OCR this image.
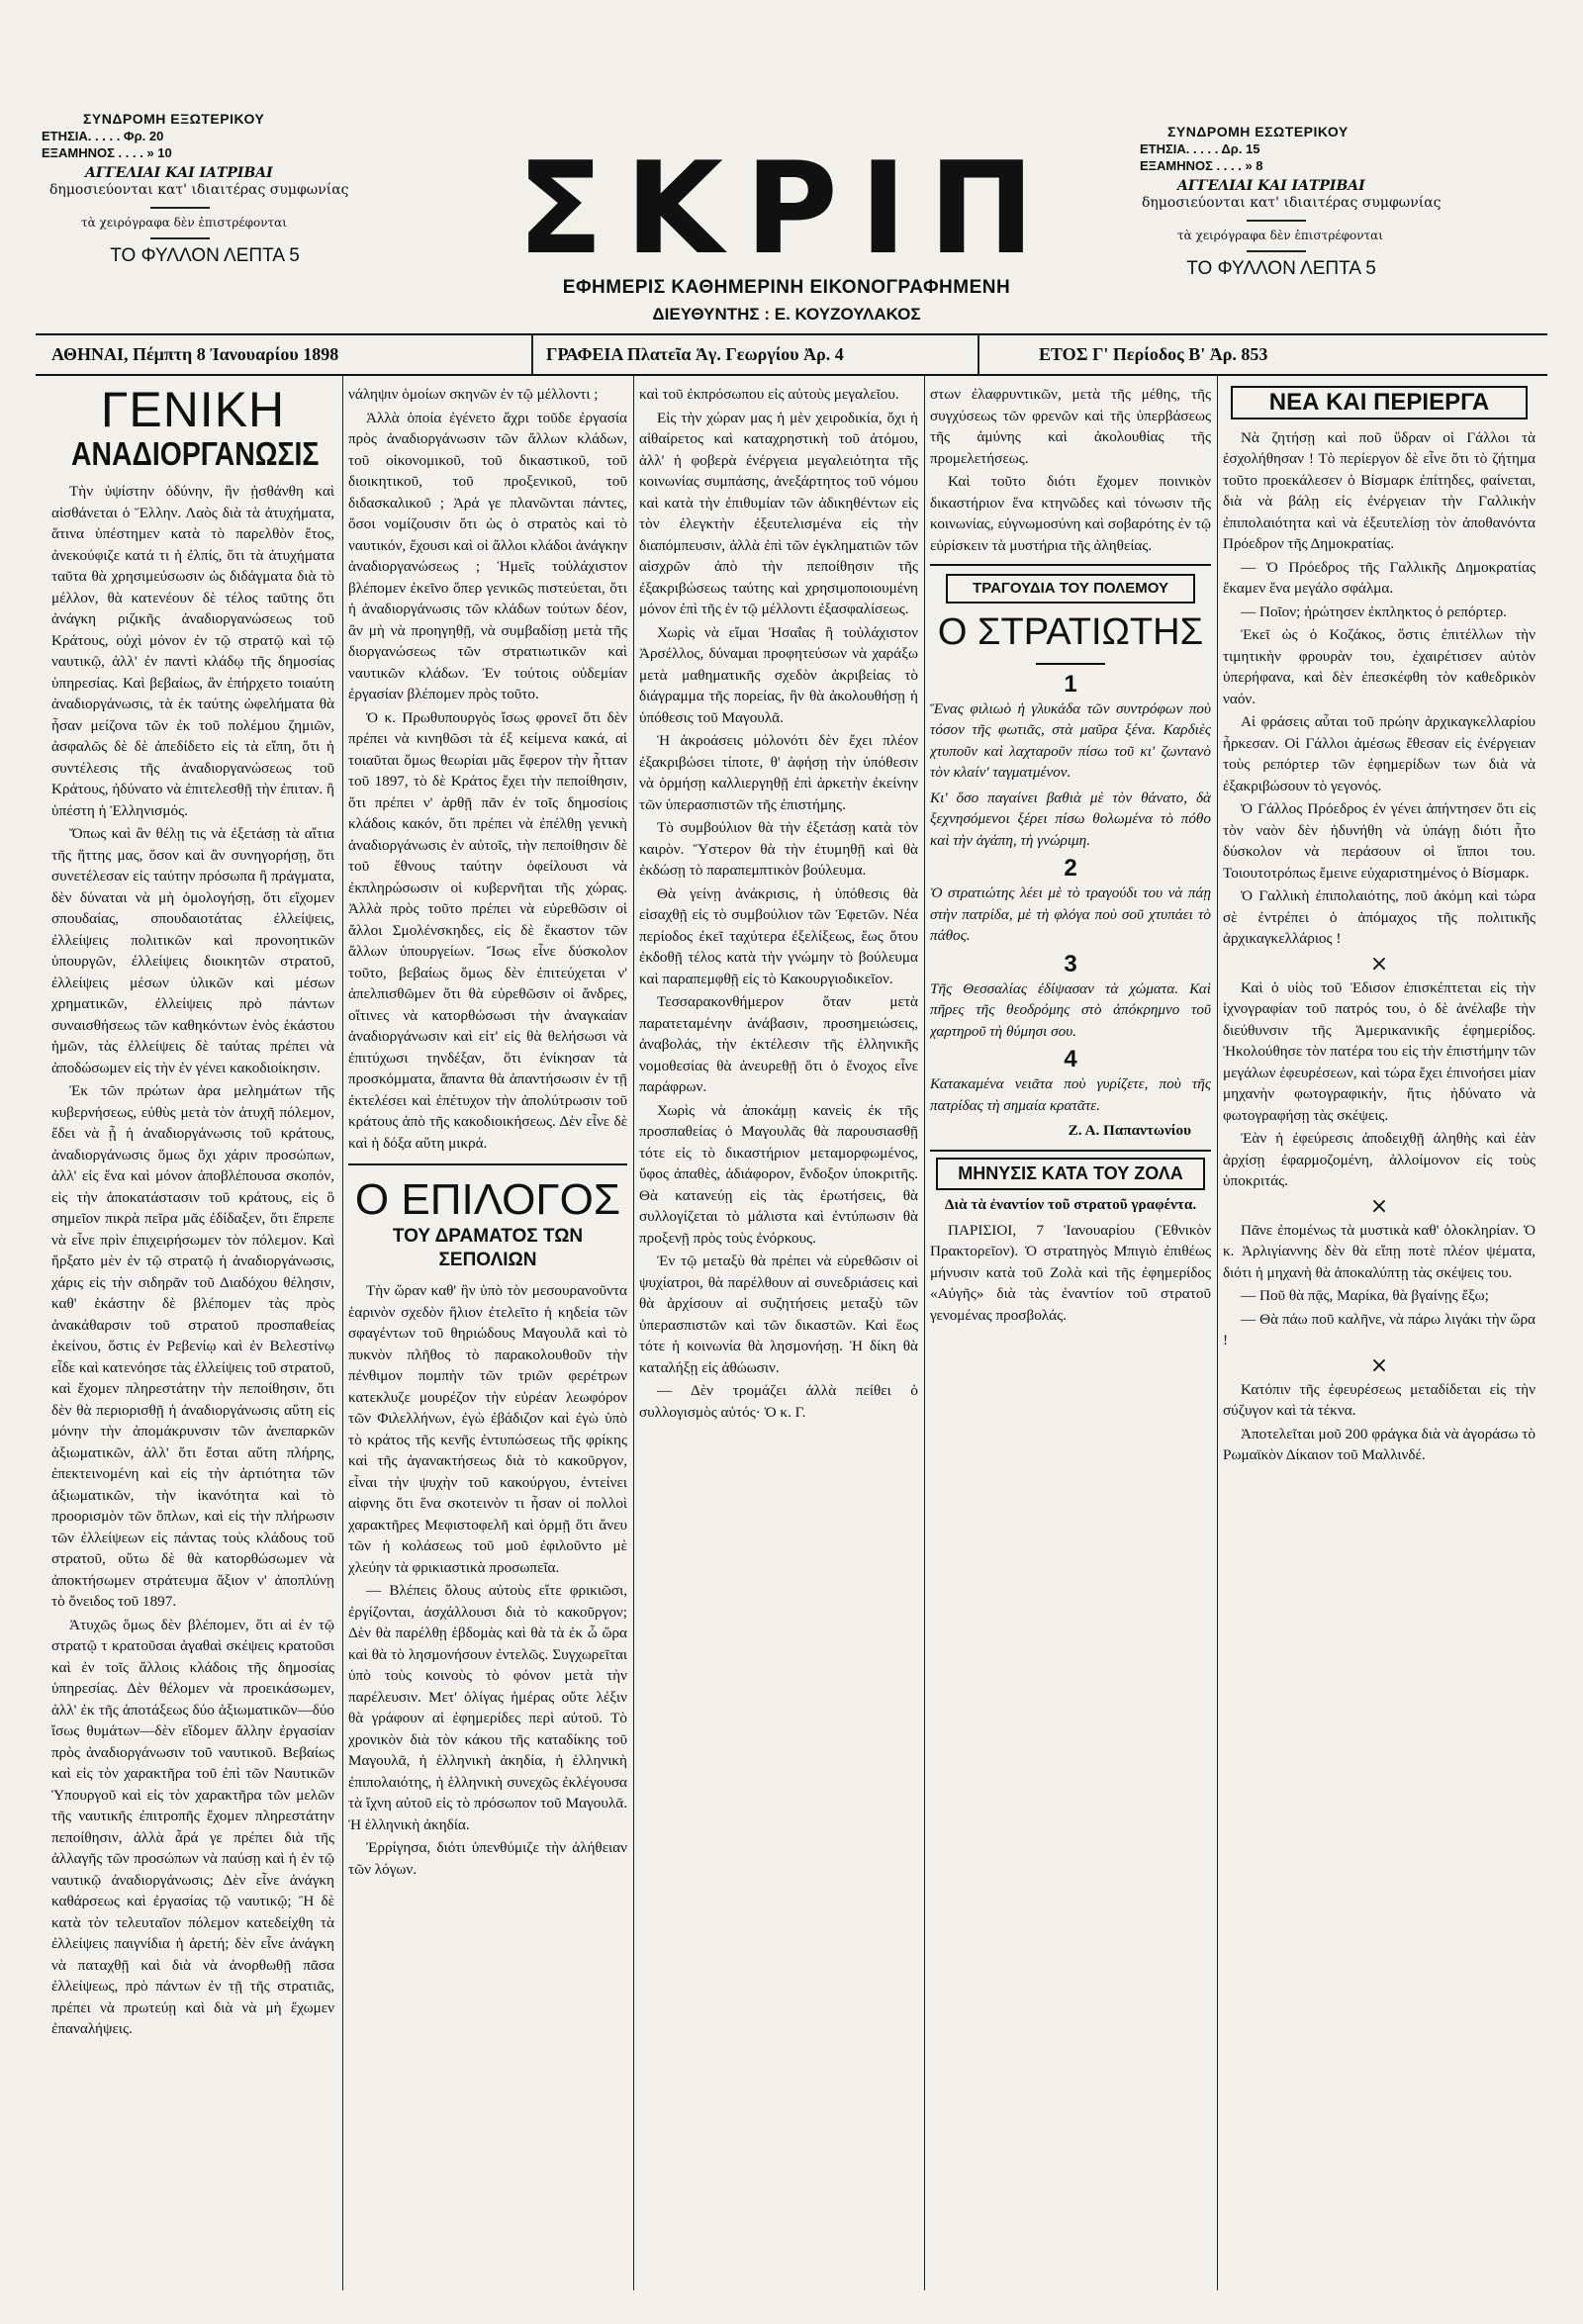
ΣΥΝΔΡΟΜΗ ΕΞΩΤΕΡΙΚΟΥ
ΕΤΗΣΙΑ. . . . . Φρ. 20
ΕΞΑΜΗΝΟΣ . . . . » 10
ΑΓΓΕΛΙΑΙ ΚΑΙ ΙΑΤΡΙΒΑΙ
δημοσιεύονται κατ' ιδιαιτέρας συμφωνίας
τὰ χειρόγραφα δὲν ἐπιστρέφονται
ΤΟ ΦΥΛΛΟΝ ΛΕΠΤΑ 5	ΣΚΡΙΠ
ΕΦΗΜΕΡΙΣ ΚΑΘΗΜΕΡΙΝΗ ΕΙΚΟΝΟΓΡΑΦΗΜΕΝΗ
ΔΙΕΥΘΥΝΤΗΣ : Ε. ΚΟΥΖΟΥΛΑΚΟΣ
ΣΥΝΔΡΟΜΗ ΕΣΩΤΕΡΙΚΟΥ
ΕΤΗΣΙΑ. . . . . Δρ. 15
ΕΞΑΜΗΝΟΣ . . . . » 8
ΑΓΓΕΛΙΑΙ ΚΑΙ ΙΑΤΡΙΒΑΙ
δημοσιεύονται κατ' ιδιαιτέρας συμφωνίας
τὰ χειρόγραφα δὲν ἐπιστρέφονται
ΤΟ ΦΥΛΛΟΝ ΛΕΠΤΑ 5
ΑΘΗΝΑΙ, Πέμπτη 8 Ἰανουαρίου 1898	ΓΡΑΦΕΙΑ Πλατεῖα Ἁγ. Γεωργίου Ἀρ. 4	ΕΤΟΣ Γ' Περίοδος Β' Ἀρ. 853
ΓΕΝΙΚΗ
ΑΝΑΔΙΟΡΓΑΝΩΣΙΣ

Τὴν ὑψίστην ὀδύνην, ἣν ᾐσθάνθη καὶ αἰσθάνεται ὁ Ἕλλην. Λαὸς διὰ τὰ ἀτυχήματα, ἅτινα ὑπέστημεν κατὰ τὸ παρελθὸν ἔτος, ἀνεκούφιζε κατά τι ἡ ἐλπίς, ὅτι τὰ ἀτυχήματα ταῦτα θὰ χρησιμεύσωσιν ὡς διδάγματα διὰ τὸ μέλλον, θὰ κατενέουν δὲ τέλος ταῦτης ὅτι ἀνάγκη ριζικῆς ἀναδιοργανώσεως τοῦ Κράτους, οὐχὶ μόνον ἐν τῷ στρατῷ καὶ τῷ ναυτικῷ, ἀλλ' ἐν παντὶ κλάδῳ τῆς δημοσίας ὑπηρεσίας. Καὶ βεβαίως, ἂν ἐπήρχετο τοιαύτη ἀναδιοργάνωσις, τὰ ἐκ ταύτης ὠφελήματα θὰ ἦσαν μείζονα τῶν ἐκ τοῦ πολέμου ζημιῶν, ἀσφαλῶς δὲ δὲ ἀπεδίδετο εἰς τὰ εἴπη, ὅτι ἡ συντέλεσις τῆς ἀναδιοργανώσεως τοῦ Κράτους, ἠδύνατο νὰ ἐπιτελεσθῇ τὴν ἐπιταν. ἢ ὑπέστη ἡ Ἑλληνισμός.

Ὅπως καὶ ἂν θέλῃ τις νὰ ἐξετάσῃ τὰ αἴτια τῆς ἥττης μας, ὅσον καὶ ἂν συνηγορήσῃ, ὅτι συνετέλεσαν εἰς ταύτην πρόσωπα ἢ πράγματα, δὲν δύναται νὰ μὴ ὁμολογήσῃ, ὅτι εἴχομεν σπουδαίας, σπουδαιοτάτας ἐλλείψεις, ἐλλείψεις πολιτικῶν καὶ προνοητικῶν ὑπουργῶν, ἐλλείψεις διοικητῶν στρατοῦ, ἐλλείψεις μέσων ὑλικῶν καὶ μέσων χρηματικῶν, ἐλλείψεις πρὸ πάντων συναισθήσεως τῶν καθηκόντων ἑνὸς ἑκάστου ἡμῶν, τὰς ἐλλείψεις δὲ ταύτας πρέπει νὰ ἀποδώσωμεν εἰς τὴν ἐν γένει κακοδιοίκησιν.

Ἐκ τῶν πρώτων ἀρα μελημάτων τῆς κυβερνήσεως, εὐθὺς μετὰ τὸν ἀτυχῆ πόλεμον, ἔδει νὰ ᾖ ἡ ἀναδιοργάνωσις τοῦ κράτους, ἀναδιοργάνωσις ὅμως ὄχι χάριν προσώπων, ἀλλ' εἰς ἕνα καὶ μόνον ἀποβλέπουσα σκοπόν, εἰς τὴν ἀποκατάστασιν τοῦ κράτους, εἰς ὃ σημεῖον πικρὰ πεῖρα μᾶς ἐδίδαξεν, ὅτι ἔπρεπε νὰ εἶνε πρὶν ἐπιχειρήσωμεν τὸν πόλεμον. Καὶ ἤρξατο μὲν ἐν τῷ στρατῷ ἡ ἀναδιοργάνωσις, χάρις εἰς τὴν σιδηρᾶν τοῦ Διαδόχου θέλησιν, καθ' ἑκάστην δὲ βλέπομεν τὰς πρὸς ἀνακάθαρσιν τοῦ στρατοῦ προσπαθείας ἐκείνου, ὅστις ἐν Ρεβενίῳ καὶ ἐν Βελεστίνῳ εἶδε καὶ κατενόησε τὰς ἐλλείψεις τοῦ στρατοῦ, καὶ ἔχομεν πληρεστάτην τὴν πεποίθησιν, ὅτι δὲν θὰ περιορισθῇ ἡ ἀναδιοργάνωσις αὕτη εἰς μόνην τὴν ἀπομάκρυνσιν τῶν ἀνεπαρκῶν ἀξιωματικῶν, ἀλλ' ὅτι ἔσται αὕτη πλήρης, ἐπεκτεινομένη καὶ εἰς τὴν ἀρτιότητα τῶν ἀξιωματικῶν, τὴν ἱκανότητα καὶ τὸ προορισμὸν τῶν ὅπλων, καὶ εἰς τὴν πλήρωσιν τῶν ἐλλείψεων εἰς πάντας τοὺς κλάδους τοῦ στρατοῦ, οὕτω δὲ θὰ κατορθώσωμεν νὰ ἀποκτήσωμεν στράτευμα ἄξιον ν' ἀποπλύνῃ τὸ ὄνειδος τοῦ 1897.

Ἀτυχῶς ὅμως δὲν βλέπομεν, ὅτι αἱ ἐν τῷ στρατῷ τ κρατοῦσαι ἀγαθαὶ σκέψεις κρατοῦσι καὶ ἐν τοῖς ἄλλοις κλάδοις τῆς δημοσίας ὑπηρεσίας. Δὲν θέλομεν νὰ προεικάσωμεν, ἀλλ' ἐκ τῆς ἀποτάξεως δύο ἀξιωματικῶν—δύο ἴσως θυμάτων—δὲν εἴδομεν ἄλλην ἐργασίαν πρὸς ἀναδιοργάνωσιν τοῦ ναυτικοῦ. Βεβαίως καὶ εἰς τὸν χαρακτῆρα τοῦ ἐπὶ τῶν Ναυτικῶν Ὑπουργοῦ καὶ εἰς τὸν χαρακτῆρα τῶν μελῶν τῆς ναυτικῆς ἐπιτροπῆς ἔχομεν πληρεστάτην πεποίθησιν, ἀλλὰ ἆρά γε πρέπει διὰ τῆς ἀλλαγῆς τῶν προσώπων νὰ παύσῃ καὶ ἡ ἐν τῷ ναυτικῷ ἀναδιοργάνωσις; Δὲν εἶνε ἀνάγκη καθάρσεως καὶ ἐργασίας τῷ ναυτικῷ; Ἢ δὲ κατὰ τὸν τελευταῖον πόλεμον κατεδείχθη τὰ ἐλλείψεις παιγνίδια ἡ ἀρετή; δὲν εἶνε ἀνάγκη νὰ παταχθῇ καὶ διὰ νὰ ἀνορθωθῇ πᾶσα ἐλλείψεως, πρὸ πάντων ἐν τῇ τῆς στρατιᾶς, πρέπει νὰ πρωτεύῃ καὶ διὰ νὰ μὴ ἔχωμεν ἐπαναλήψεις.

νάληψιν ὁμοίων σκηνῶν ἐν τῷ μέλλοντι ;

Ἀλλὰ ὁποία ἐγένετο ἄχρι τοῦδε ἐργασία πρὸς ἀναδιοργάνωσιν τῶν ἄλλων κλάδων, τοῦ οἰκονομικοῦ, τοῦ δικαστικοῦ, τοῦ διοικητικοῦ, τοῦ προξενικοῦ, τοῦ διδασκαλικοῦ ; Ἀρά γε πλανῶνται πάντες, ὅσοι νομίζουσιν ὅτι ὡς ὁ στρατὸς καὶ τὸ ναυτικόν, ἔχουσι καὶ οἱ ἄλλοι κλάδοι ἀνάγκην ἀναδιοργανώσεως ; Ἡμεῖς τοὐλάχιστον βλέπομεν ἐκεῖνο ὅπερ γενικῶς πιστεύεται, ὅτι ἡ ἀναδιοργάνωσις τῶν κλάδων τούτων δέον, ἂν μὴ νὰ προηγηθῇ, νὰ συμβαδίσῃ μετὰ τῆς διοργανώσεως τῶν στρατιωτικῶν καὶ ναυτικῶν κλάδων. Ἐν τούτοις οὐδεμίαν ἐργασίαν βλέπομεν πρὸς τοῦτο.

Ὁ κ. Πρωθυπουργὸς ἴσως φρονεῖ ὅτι δὲν πρέπει νὰ κινηθῶσι τὰ ἐξ κείμενα κακά, αἱ τοιαῦται ὅμως θεωρίαι μᾶς ἔφερον τὴν ἧτταν τοῦ 1897, τὸ δὲ Κράτος ἔχει τὴν πεποίθησιν, ὅτι πρέπει ν' ἀρθῇ πᾶν ἐν τοῖς δημοσίοις κλάδοις κακόν, ὅτι πρέπει νὰ ἐπέλθῃ γενικὴ ἀναδιοργάνωσις ἐν αὐτοῖς, τὴν πεποίθησιν δὲ τοῦ ἔθνους ταύτην ὀφείλουσι νὰ ἐκπληρώσωσιν οἱ κυβερνῆται τῆς χώρας. Ἀλλὰ πρὸς τοῦτο πρέπει νὰ εὐρεθῶσιν οἱ ἄλλοι Σμολένσκηδες, εἰς δὲ ἕκαστον τῶν ἄλλων ὑπουργείων. Ἴσως εἶνε δύσκολον τοῦτο, βεβαίως ὅμως δὲν ἐπιτεύχεται ν' ἀπελπισθῶμεν ὅτι θὰ εὑρεθῶσιν οἱ ἄνδρες, οἵτινες νὰ κατορθώσωσι τὴν ἀναγκαίαν ἀναδιοργάνωσιν καὶ εἰτ' εἰς θὰ θελήσωσι νὰ ἐπιτύχωσι τηνδέξαν, ὅτι ἐνίκησαν τὰ προσκόμματα, ἅπαντα θὰ ἀπαντήσωσιν ἐν τῇ ἐκτελέσει καὶ ἐπέτυχον τὴν ἀπολύτρωσιν τοῦ κράτους ἀπὸ τῆς κακοδιοικήσεως. Δὲν εἶνε δὲ καὶ ἡ δόξα αὕτη μικρά.

Ο ΕΠΙΛΟΓΟΣ
ΤΟΥ ΔΡΑΜΑΤΟΣ ΤΩΝ ΣΕΠΟΛΙΩΝ

Τὴν ὥραν καθ' ἣν ὑπὸ τὸν μεσουρανοῦντα ἑαρινὸν σχεδὸν ἥλιον ἐτελεῖτο ἡ κηδεία τῶν σφαγέντων τοῦ θηριώδους Μαγουλᾶ καὶ τὸ πυκνὸν πλῆθος τὸ παρακολουθοῦν τὴν πένθιμον πομπὴν τῶν τριῶν φερέτρων κατεκλυζε μουρέζον τὴν εὐρέαν λεωφόρον τῶν Φιλελλήνων, ἐγὼ ἐβάδιζον καὶ ἐγὼ ὑπὸ τὸ κράτος τῆς κενῆς ἐντυπώσεως τῆς φρίκης καὶ τῆς ἀγανακτήσεως διὰ τὸ κακοῦργον, εἶναι τὴν ψυχὴν τοῦ κακούργου, ἐντείνει αἰφνης ὅτι ἕνα σκοτεινὸν τι ἦσαν οἱ πολλοὶ χαρακτῆρες Μεφιστοφελῆ καὶ ὁρμῇ ὅτι ἄνευ τῶν ἡ κολάσεως τοῦ μοῦ ἐφιλοῦντο μὲ χλεύην τὰ φρικιαστικὰ προσωπεῖα.

— Βλέπεις ὅλους αὐτοὺς εἴτε φρικιῶσι, ἐργίζονται, ἀσχάλλουσι διὰ τὸ κακοῦργον; Δὲν θὰ παρέλθῃ ἑβδομὰς καὶ θὰ τὰ ἐκ ὦ ὥρα καὶ θὰ τὸ λησμονήσουν ἐντελῶς. Συγχωρεῖται ὑπὸ τοὺς κοινοὺς τὸ φόνον μετὰ τὴν παρέλευσιν. Μετ' ὀλίγας ἡμέρας οὔτε λέξιν θὰ γράφουν αἱ ἐφημερίδες περὶ αὐτοῦ. Τὸ χρονικὸν διὰ τὸν κάκου τῆς καταδίκης τοῦ Μαγουλᾶ, ἡ ἑλληνικὴ ἀκηδία, ἡ ἑλληνικὴ ἐπιπολαιότης, ἡ ἑλληνικὴ συνεχῶς ἐκλέγουσα τὰ ἴχνη αὐτοῦ εἰς τὸ πρόσωπον τοῦ Μαγουλᾶ. Ἡ ἑλληνικὴ ἀκηδία.

Ἐρρίγησα, διότι ὑπενθύμιζε τὴν ἀλήθειαν τῶν λόγων.

καὶ τοῦ ἐκπρόσωπου εἰς αὐτοὺς μεγαλεῖου.

Εἰς τὴν χώραν μας ἡ μὲν χειροδικία, ὄχι ἡ αἰθαίρετος καὶ καταχρηστικὴ τοῦ ἀτόμου, ἀλλ' ἡ φοβερὰ ἐνέργεια μεγαλειότητα τῆς κοινωνίας συμπάσης, ἀνεξάρτητος τοῦ νόμου καὶ κατὰ τὴν ἐπιθυμίαν τῶν ἀδικηθέντων εἰς τὸν ἐλεγκτὴν ἐξευτελισμένα εἰς τὴν διαπόμπευσιν, ἀλλὰ ἐπὶ τῶν ἐγκληματιῶν τῶν αἰσχρῶν ἀπὸ τὴν πεποίθησιν τῆς ἐξακριβώσεως ταύτης καὶ χρησιμοποιουμένη μόνον ἐπὶ τῆς ἐν τῷ μέλλοντι ἐξασφαλίσεως.

Χωρὶς νὰ εἴμαι Ἠσαΐας ἢ τοὐλάχιστον Ἀρσέλλος, δύναμαι προφητεύσων νὰ χαράξω μετὰ μαθηματικῆς σχεδὸν ἀκριβείας τὸ διάγραμμα τῆς πορείας, ἣν θὰ ἀκολουθήσῃ ἡ ὑπόθεσις τοῦ Μαγουλᾶ.

Ἡ ἀκροάσεις μόλονότι δὲν ἔχει πλέον ἐξακριβώσει τίποτε, θ' ἀφήσῃ τὴν ὑπόθεσιν νὰ ὁρμήσῃ καλλιεργηθῇ ἐπὶ ἀρκετὴν ἐκείνην τῶν ὑπερασπιστῶν τῆς ἐπιστήμης.

Τὸ συμβούλιον θὰ τὴν ἐξετάσῃ κατὰ τὸν καιρὸν. Ὕστερον θὰ τὴν ἐτυμηθῇ καὶ θὰ ἐκδώσῃ τὸ παραπεμπτικὸν βούλευμα.

Θὰ γείνῃ ἀνάκρισις, ἡ ὑπόθεσις θὰ εἰσαχθῇ εἰς τὸ συμβούλιον τῶν Ἐφετῶν. Νέα περίοδος ἐκεῖ ταχύτερα ἐξελίξεως, ἕως ὅτου ἐκδοθῇ τέλος κατὰ τὴν γνώμην τὸ βούλευμα καὶ παραπεμφθῇ εἰς τὸ Κακουργιοδικεῖον.

Τεσσαρακονθήμερον ὅταν μετὰ παρατεταμένην ἀνάβασιν, προσημειώσεις, ἀναβολάς, τὴν ἐκτέλεσιν τῆς ἑλληνικῆς νομοθεσίας θὰ ἀνευρεθῇ ὅτι ὁ ἔνοχος εἶνε παράφρων.

Χωρὶς νὰ ἀποκάμῃ κανεὶς ἐκ τῆς προσπαθείας ὁ Μαγουλᾶς θὰ παρουσιασθῇ τότε εἰς τὸ δικαστήριον μεταμορφωμένος, ὕφος ἀπαθὲς, ἀδιάφορον, ἔνδοξον ὑποκριτῆς. Θὰ κατανεύῃ εἰς τὰς ἐρωτήσεις, θὰ συλλογίζεται τὸ μάλιστα καὶ ἐντύπωσιν θὰ προξενῇ πρὸς τοὺς ἐνόρκους.

Ἐν τῷ μεταξὺ θὰ πρέπει νὰ εὑρεθῶσιν οἱ ψυχίατροι, θὰ παρέλθουν αἱ συνεδριάσεις καὶ θὰ ἀρχίσουν αἱ συζητήσεις μεταξὺ τῶν ὑπερασπιστῶν καὶ τῶν δικαστῶν. Καὶ ἕως τότε ἡ κοινωνία θὰ λησμονήσῃ. Ἡ δίκη θὰ καταλήξῃ εἰς ἀθώωσιν.

— Δὲν τρομάζει ἀλλὰ πείθει ὁ συλλογισμὸς αὐτός· Ὁ κ. Γ.

στων ἐλαφρυντικῶν, μετὰ τῆς μέθης, τῆς συγχύσεως τῶν φρενῶν καὶ τῆς ὑπερβάσεως τῆς ἀμύνης καὶ ἀκολουθίας τῆς προμελετήσεως.

Καὶ τοῦτο διότι ἔχομεν ποινικὸν δικαστήριον ἕνα κτηνῶδες καὶ τόνωσιν τῆς κοινωνίας, εὐγνωμοσύνη καὶ σοβαρότης ἐν τῷ εὐρίσκειν τὰ μυστήρια τῆς ἀληθείας.

ΤΡΑΓΟΥΔΙΑ ΤΟΥ ΠΟΛΕΜΟΥ
Ο ΣΤΡΑΤΙΩΤΗΣ
1

Ἕνας φιλιωὸ ἡ γλυκάδα τῶν συντρόφων ποὺ τόσον τῆς φωτιᾶς, στὰ μαῦρα ξένα. Καρδιὲς χτυποῦν καὶ λαχταροῦν πίσω τοῦ κι' ζωντανὸ τὸν κλαίν' ταγματμένον.

Κι' ὅσο παγαίνει βαθιὰ μὲ τὸν θάνατο, δὰ ξεχνησόμενοι ξέρει πίσω θολωμένα τὸ πόθο καὶ τὴν ἀγάπη, τὴ γνώριμη.

2

Ὁ στρατιώτης λέει μὲ τὸ τραγούδι του νὰ πάῃ στὴν πατρίδα, μὲ τὴ φλόγα ποὺ σοῦ χτυπάει τὸ πάθος.

3

Τῆς Θεσσαλίας ἐδίψασαν τὰ χώματα. Καὶ πῆρες τῆς θεοδρόμης στὸ ἀπόκρημνο τοῦ χαρτηροῦ τὴ θύμησι σου.

4

Κατακαμένα νειᾶτα ποὺ γυρίζετε, ποὺ τῆς πατρίδας τὴ σημαία κρατᾶτε.

Ζ. Α. Παπαντωνίου
ΜΗΝΥΣΙΣ ΚΑΤΑ ΤΟΥ ΖΟΛΑ
Διὰ τὰ ἐναντίον τοῦ στρατοῦ γραφέντα.

ΠΑΡΙΣΙΟΙ, 7 Ἰανουαρίου (Ἐθνικὸν Πρακτορεῖον). Ὁ στρατηγὸς Μπιγιὸ ἐπιθέως μήνυσιν κατὰ τοῦ Ζολὰ καὶ τῆς ἐφημερίδος «Αὐγῆς» διὰ τὰς ἐναντίον τοῦ στρατοῦ γενομένας προσβολάς.

ΝΕΑ ΚΑΙ ΠΕΡΙΕΡΓΑ

Νὰ ζητήσῃ καὶ ποῦ ὕδραν οἱ Γάλλοι τὰ ἐσχολήθησαν ! Τὸ περίεργον δὲ εἶνε ὅτι τὸ ζήτημα τοῦτο προεκάλεσεν ὁ Βίσμαρκ ἐπίτηδες, φαίνεται, διὰ νὰ βάλῃ εἰς ἐνέργειαν τὴν Γαλλικὴν ἐπιπολαιότητα καὶ νὰ ἐξευτελίσῃ τὸν ἀποθανόντα Πρόεδρον τῆς Δημοκρατίας.

— Ὁ Πρόεδρος τῆς Γαλλικῆς Δημοκρατίας ἔκαμεν ἕνα μεγάλο σφάλμα.

— Ποῖον; ἠρώτησεν ἐκπληκτος ὁ ρεπόρτερ.

Ἐκεῖ ὡς ὁ Κοζάκος, ὅστις ἐπιτέλλων τὴν τιμητικὴν φρουρὰν του, ἐχαιρέτισεν αὐτὸν ὑπερήφανα, καὶ δὲν ἐπεσκέφθη τὸν καθεδρικὸν ναόν.

Αἱ φράσεις αὗται τοῦ πρώην ἀρχικαγκελλαρίου ἦρκεσαν. Οἱ Γάλλοι ἀμέσως ἔθεσαν εἰς ἐνέργειαν τοὺς ρεπόρτερ τῶν ἐφημερίδων των διὰ νὰ ἐξακριβώσουν τὸ γεγονός.

Ὁ Γάλλος Πρόεδρος ἐν γένει ἀπήντησεν ὅτι εἰς τὸν ναὸν δὲν ἠδυνήθη νὰ ὑπάγῃ διότι ἦτο δύσκολον νὰ περάσουν οἱ ἵπποι του. Τοιουτοτρόπως ἔμεινε εὐχαριστημένος ὁ Βίσμαρκ.

Ὁ Γαλλικὴ ἐπιπολαιότης, ποῦ ἀκόμη καὶ τώρα σὲ ἐντρέπει ὁ ἀπόμαχος τῆς πολιτικῆς ἀρχικαγκελλάριος !

×

Καὶ ὁ υἱὸς τοῦ Ἐδισον ἐπισκέπτεται εἰς τὴν ἰχνογραφίαν τοῦ πατρός του, ὁ δὲ ἀνέλαβε τὴν διεύθυνσιν τῆς Ἀμερικανικῆς ἐφημερίδος. Ἠκολούθησε τὸν πατέρα του εἰς τὴν ἐπιστήμην τῶν μεγάλων ἐφευρέσεων, καὶ τώρα ἔχει ἐπινοήσει μίαν μηχανὴν φωτογραφικήν, ἥτις ἠδύνατο νὰ φωτογραφήσῃ τὰς σκέψεις.

Ἐὰν ἡ ἐφεύρεσις ἀποδειχθῇ ἀληθὴς καὶ ἐὰν ἀρχίσῃ ἐφαρμοζομένη, ἀλλοίμονον εἰς τοὺς ὑποκριτάς.

×

Πᾶνε ἐπομένως τὰ μυστικὰ καθ' ὁλοκληρίαν. Ὁ κ. Ἀρλιγίαννης δὲν θὰ εἴπῃ ποτὲ πλέον ψέματα, διότι ἡ μηχανὴ θὰ ἀποκαλύπτῃ τὰς σκέψεις του.

— Ποῦ θὰ πᾷς, Μαρίκα, θὰ βγαίνῃς ἔξω;

— Θὰ πάω ποῦ καλῆνε, νὰ πάρω λιγάκι τὴν ὥρα !

×

Κατόπιν τῆς ἐφευρέσεως μεταδίδεται εἰς τὴν σύζυγον καὶ τὰ τέκνα.

Ἀποτελεῖται μοῦ 200 φράγκα διὰ νὰ ἀγοράσω τὸ Ρωμαϊκὸν Δίκαιον τοῦ Μαλλινδέ.
